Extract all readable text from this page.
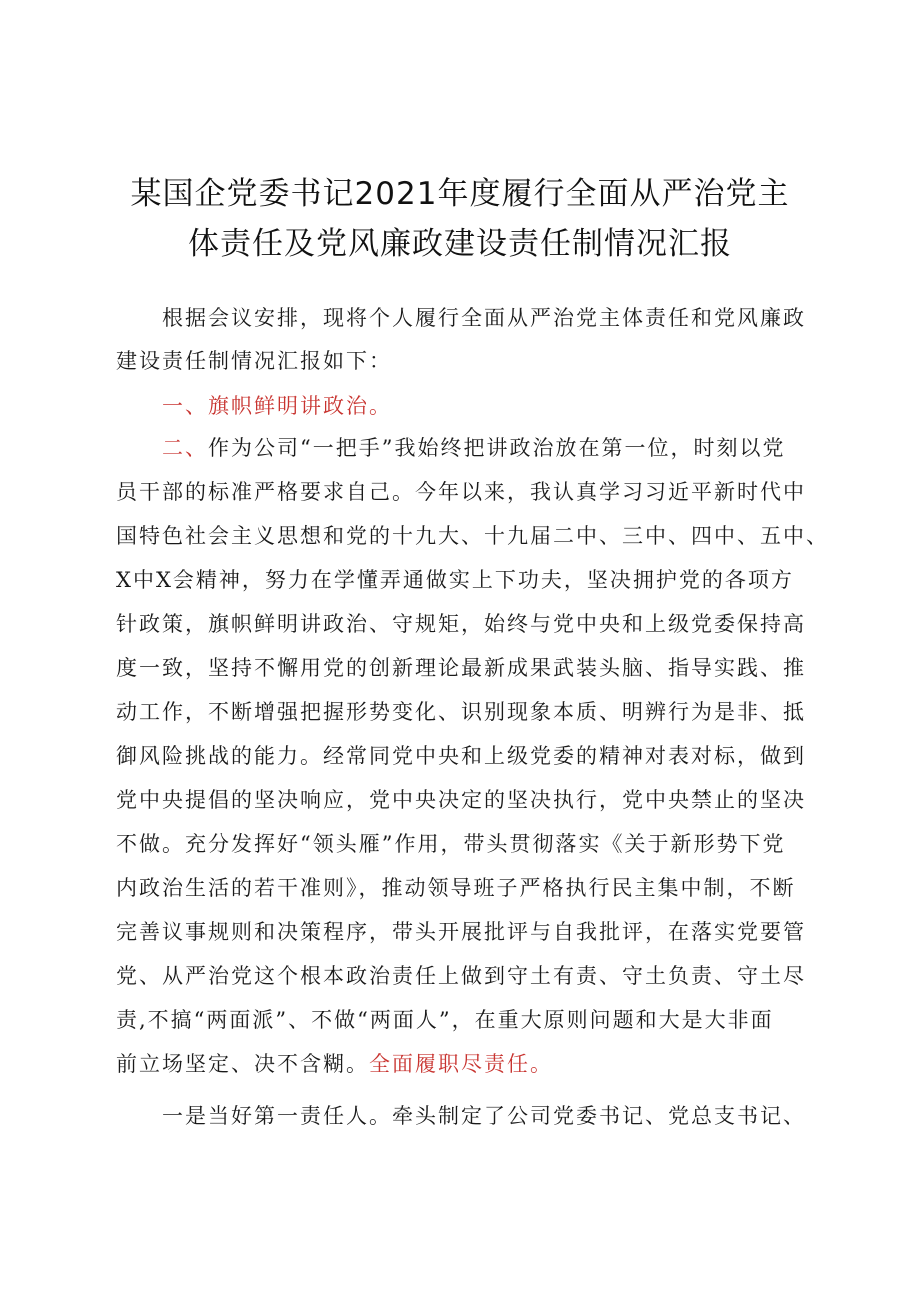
某国企党委书记2021年度履行全面从严治党主
体责任及党风廉政建设责任制情况汇报
根据会议安排，现将个人履行全面从严治党主体责任和党风廉政
建设责任制情况汇报如下：
一、旗帜鲜明讲政治。
二、作为公司“一把手”我始终把讲政治放在第一位，时刻以党
员干部的标准严格要求自己。今年以来，我认真学习习近平新时代中
国特色社会主义思想和党的十九大、十九届二中、三中、四中、五中、
X中X会精神，努力在学懂弄通做实上下功夫，坚决拥护党的各项方
针政策，旗帜鲜明讲政治、守规矩，始终与党中央和上级党委保持高
度一致，坚持不懈用党的创新理论最新成果武装头脑、指导实践、推
动工作，不断增强把握形势变化、识别现象本质、明辨行为是非、抵
御风险挑战的能力。经常同党中央和上级党委的精神对表对标，做到
党中央提倡的坚决响应，党中央决定的坚决执行，党中央禁止的坚决
不做。充分发挥好“领头雁”作用，带头贯彻落实《关于新形势下党
内政治生活的若干准则》，推动领导班子严格执行民主集中制，不断
完善议事规则和决策程序，带头开展批评与自我批评，在落实党要管
党、从严治党这个根本政治责任上做到守土有责、守土负责、守土尽
责,不搞“两面派”、不做“两面人”，在重大原则问题和大是大非面
前立场坚定、决不含糊。全面履职尽责任。
一是当好第一责任人。牵头制定了公司党委书记、党总支书记、
